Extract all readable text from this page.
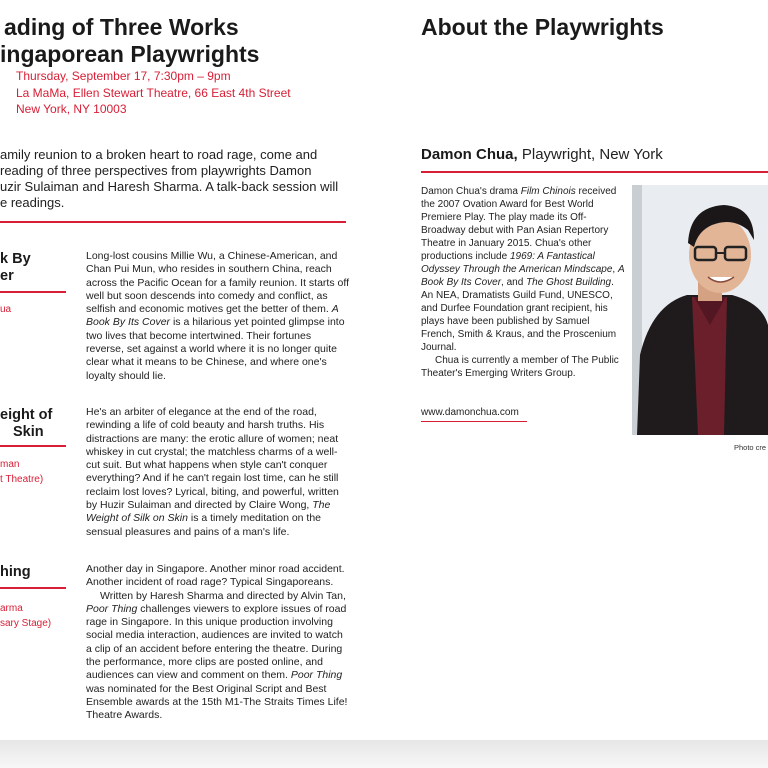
ading of Three Works
ingaporean Playwrights
Thursday, September 17, 7:30pm – 9pm
La MaMa, Ellen Stewart Theatre, 66 East 4th Street
New York, NY 10003
amily reunion to a broken heart to road rage, come and
reading of three perspectives from playwrights Damon
uzir Sulaiman and Haresh Sharma. A talk-back session will
e readings.
k By
er
ua

Long-lost cousins Millie Wu, a Chinese-American, and Chan Pui Mun, who resides in southern China, reach across the Pacific Ocean for a family reunion. It starts off well but soon descends into comedy and conflict, as selfish and economic motives get the better of them. A Book By Its Cover is a hilarious yet pointed glimpse into two lives that become intertwined. Their fortunes reverse, set against a world where it is no longer quite clear what it means to be Chinese, and where one's loyalty should lie.

eight of
Skin
man
t Theatre)

He's an arbiter of elegance at the end of the road, rewinding a life of cold beauty and harsh truths. His distractions are many: the erotic allure of women; neat whiskey in cut crystal; the matchless charms of a well-cut suit. But what happens when style can't conquer everything? And if he can't regain lost time, can he still reclaim lost loves? Lyrical, biting, and powerful, written by Huzir Sulaiman and directed by Claire Wong, The Weight of Silk on Skin is a timely meditation on the sensual pleasures and pains of a man's life.

hing
arma
sary Stage)

Another day in Singapore. Another minor road accident. Another incident of road rage? Typical Singaporeans.

Written by Haresh Sharma and directed by Alvin Tan, Poor Thing challenges viewers to explore issues of road rage in Singapore. In this unique production involving social media interaction, audiences are invited to watch a clip of an accident before entering the theatre. During the performance, more clips are posted online, and audiences can view and comment on them. Poor Thing was nominated for the Best Original Script and Best Ensemble awards at the 15th M1-The Straits Times Life! Theatre Awards.

About the Playwrights
Damon Chua, Playwright, New York

Damon Chua's drama Film Chinois received the 2007 Ovation Award for Best World Premiere Play. The play made its Off-Broadway debut with Pan Asian Repertory Theatre in January 2015. Chua's other productions include 1969: A Fantastical Odyssey Through the American Mindscape, A Book By Its Cover, and The Ghost Building. An NEA, Dramatists Guild Fund, UNESCO, and Durfee Foundation grant recipient, his plays have been published by Samuel French, Smith & Kraus, and the Proscenium Journal.

Chua is currently a member of The Public Theater's Emerging Writers Group.

www.damonchua.com
Photo cre
